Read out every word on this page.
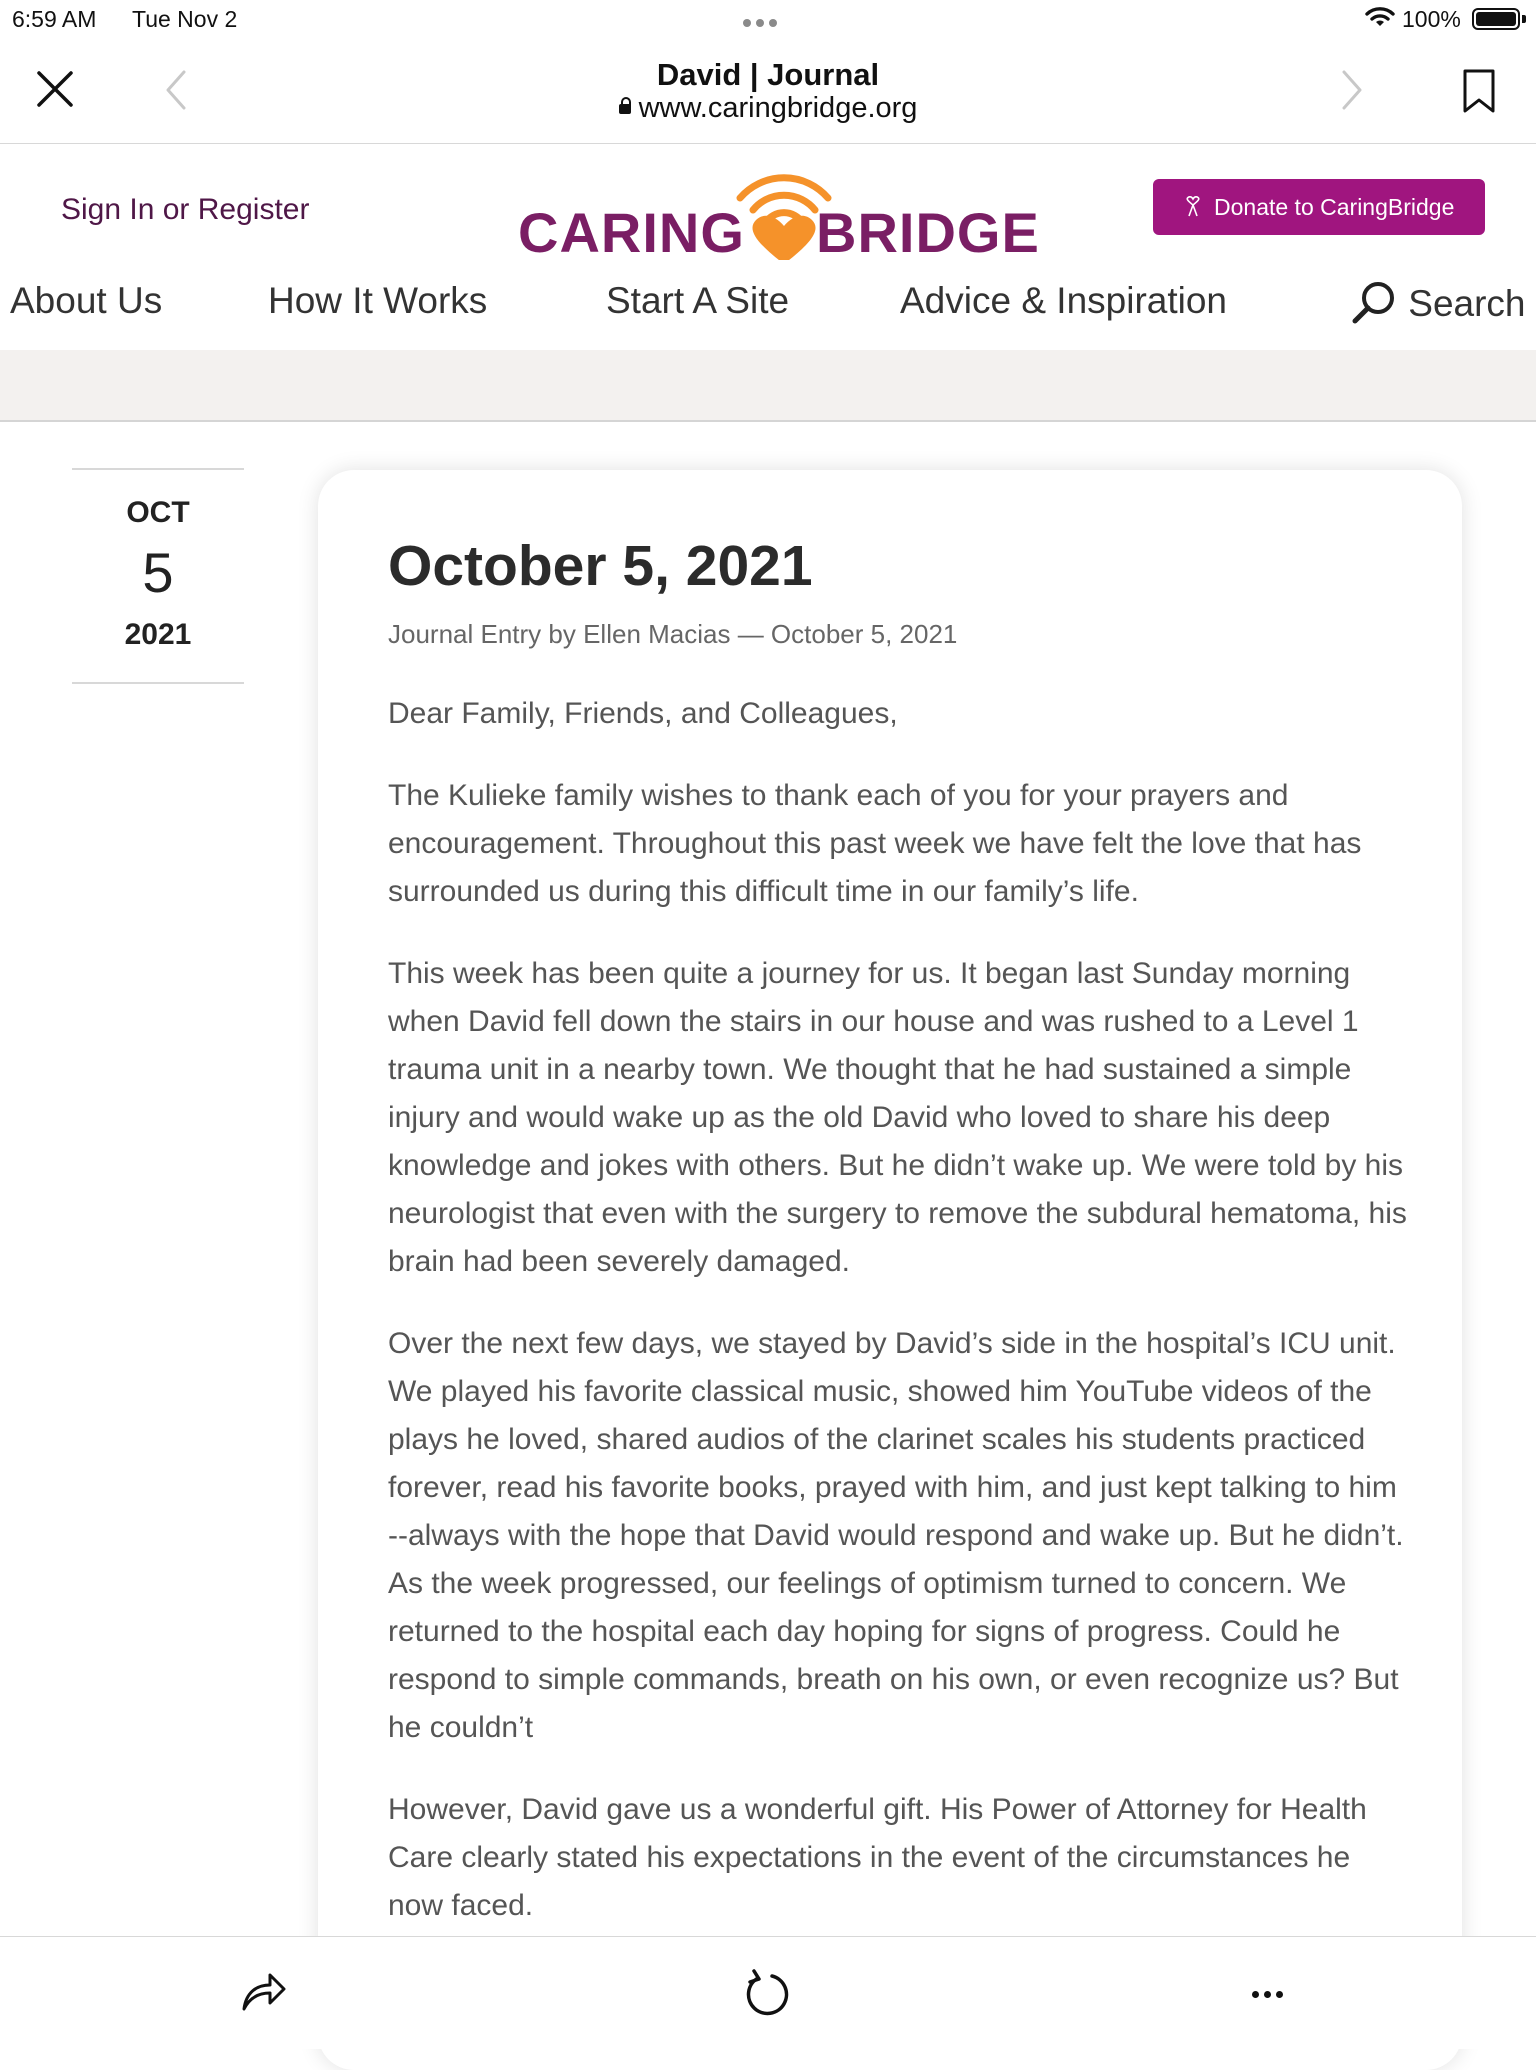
6:59 AM Tue Nov 2	100%
David | Journal
www.caringbridge.org
Sign In or Register	CARING BRIDGE	Donate to CaringBridge
About Us	How It Works	Start A Site	Advice & Inspiration	Search
OCT
5
2021
October 5, 2021
Journal Entry by Ellen Macias — October 5, 2021
Dear Family, Friends, and Colleagues,
The Kulieke family wishes to thank each of you for your prayers and encouragement. Throughout this past week we have felt the love that has surrounded us during this difficult time in our family’s life.
This week has been quite a journey for us. It began last Sunday morning when David fell down the stairs in our house and was rushed to a Level 1 trauma unit in a nearby town. We thought that he had sustained a simple injury and would wake up as the old David who loved to share his deep knowledge and jokes with others. But he didn’t wake up. We were told by his neurologist that even with the surgery to remove the subdural hematoma, his brain had been severely damaged.
Over the next few days, we stayed by David’s side in the hospital’s ICU unit. We played his favorite classical music, showed him YouTube videos of the plays he loved, shared audios of the clarinet scales his students practiced forever, read his favorite books, prayed with him, and just kept talking to him --always with the hope that David would respond and wake up. But he didn’t. As the week progressed, our feelings of optimism turned to concern. We returned to the hospital each day hoping for signs of progress. Could he respond to simple commands, breath on his own, or even recognize us? But he couldn’t
However, David gave us a wonderful gift. His Power of Attorney for Health Care clearly stated his expectations in the event of the circumstances he now faced.
